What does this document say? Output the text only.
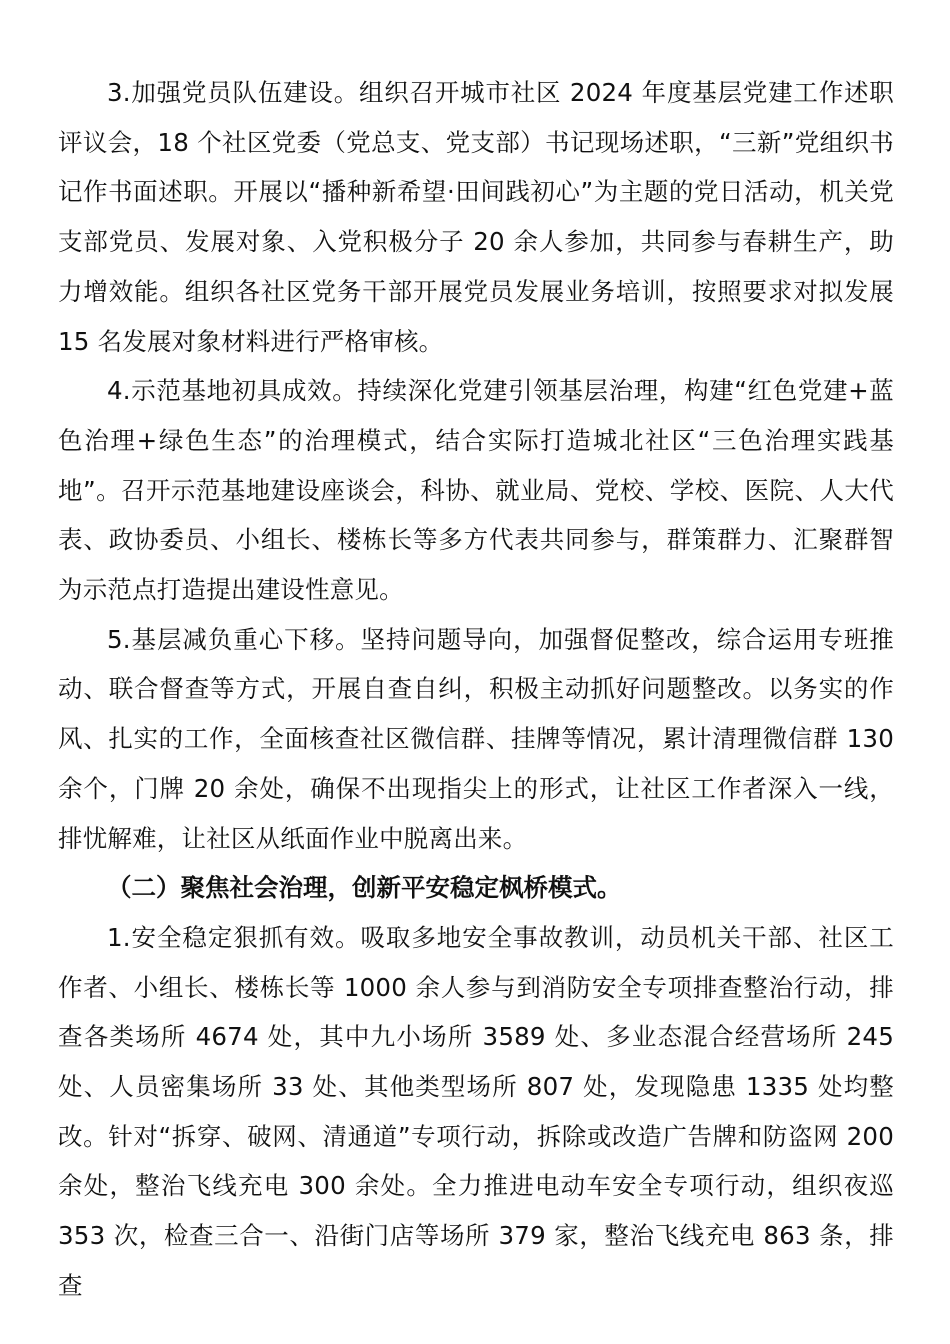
3.加强党员队伍建设。组织召开城市社区 2024 年度基层党建工作述职评议会，18 个社区党委（党总支、党支部）书记现场述职，“三新”党组织书记作书面述职。开展以“播种新希望·田间践初心”为主题的党日活动，机关党支部党员、发展对象、入党积极分子 20 余人参加，共同参与春耕生产，助力增效能。组织各社区党务干部开展党员发展业务培训，按照要求对拟发展 15 名发展对象材料进行严格审核。

4.示范基地初具成效。持续深化党建引领基层治理，构建“红色党建+蓝色治理+绿色生态”的治理模式，结合实际打造城北社区“三色治理实践基地”。召开示范基地建设座谈会，科协、就业局、党校、学校、医院、人大代表、政协委员、小组长、楼栋长等多方代表共同参与，群策群力、汇聚群智为示范点打造提出建设性意见。

5.基层减负重心下移。坚持问题导向，加强督促整改，综合运用专班推动、联合督查等方式，开展自查自纠，积极主动抓好问题整改。以务实的作风、扎实的工作，全面核查社区微信群、挂牌等情况，累计清理微信群 130 余个，门牌 20 余处，确保不出现指尖上的形式，让社区工作者深入一线，排忧解难，让社区从纸面作业中脱离出来。

（二）聚焦社会治理，创新平安稳定枫桥模式。

1.安全稳定狠抓有效。吸取多地安全事故教训，动员机关干部、社区工作者、小组长、楼栋长等 1000 余人参与到消防安全专项排查整治行动，排查各类场所 4674 处，其中九小场所 3589 处、多业态混合经营场所 245 处、人员密集场所 33 处、其他类型场所 807 处，发现隐患 1335 处均整改。针对“拆穿、破网、清通道”专项行动，拆除或改造广告牌和防盗网 200 余处，整治飞线充电 300 余处。全力推进电动车安全专项行动，组织夜巡 353 次，检查三合一、沿街门店等场所 379 家，整治飞线充电 863 条，排查
